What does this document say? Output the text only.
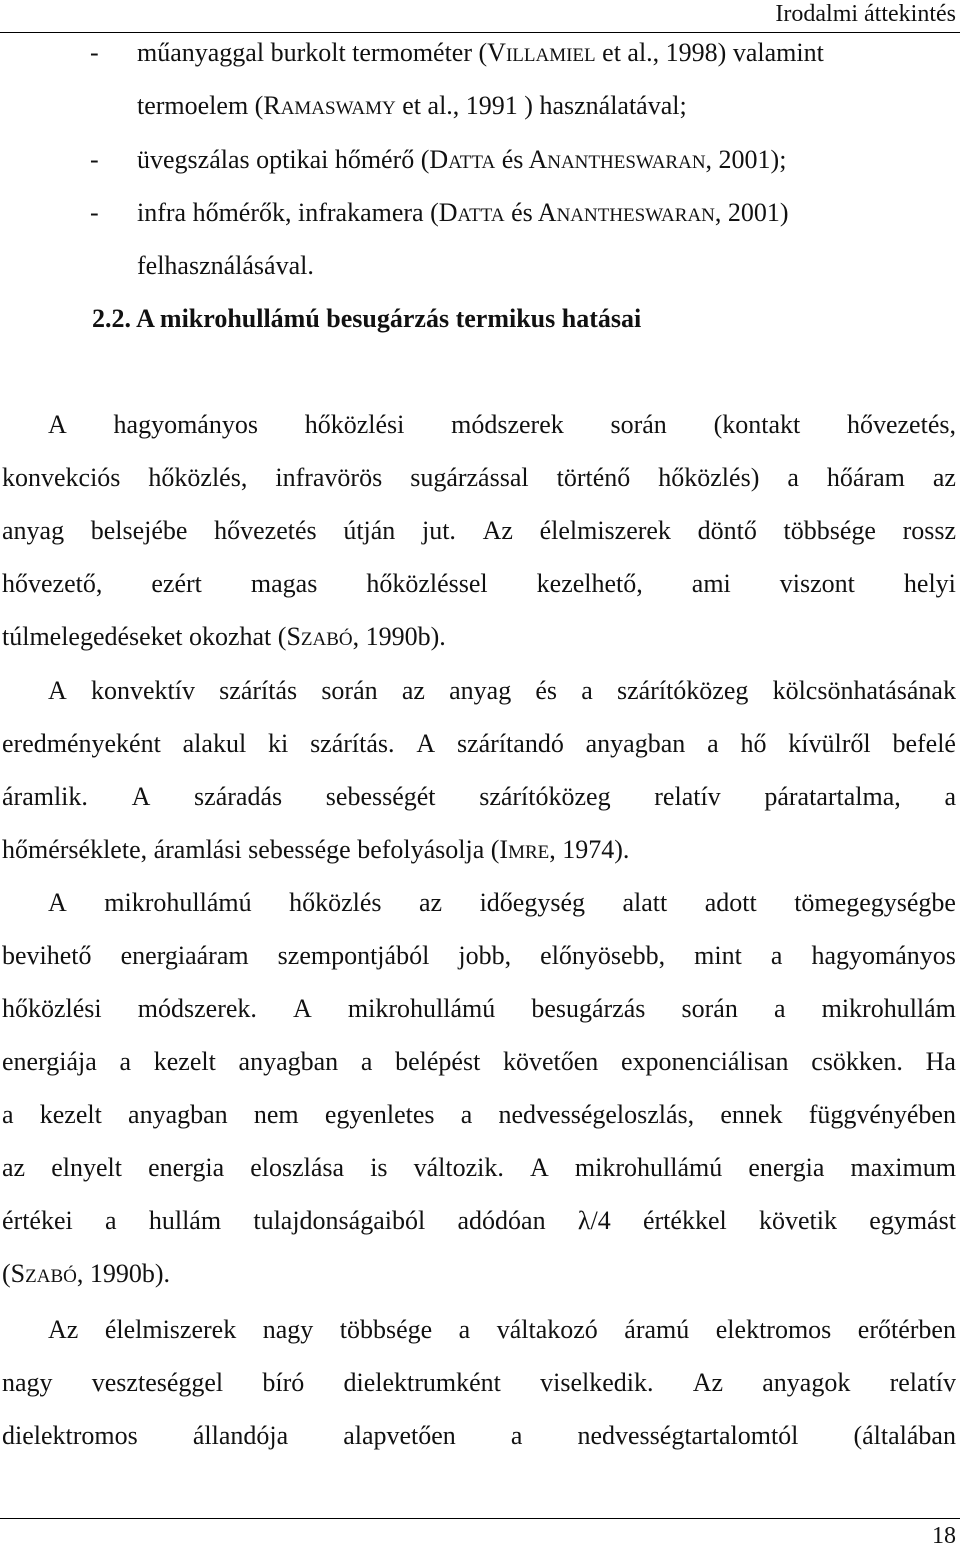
Irodalmi áttekintés
- műanyaggal burkolt termométer (VILLAMIEL et al., 1998) valamint
termoelem (RAMASWAMY et al., 1991 ) használatával;
- üvegszálas optikai hőmérő (DATTA és ANANTHESWARAN, 2001);
- infra hőmérők, infrakamera (DATTA és ANANTHESWARAN, 2001)
felhasználásával.
2.2. A mikrohullámú besugárzás termikus hatásai
A hagyományos hőközlési módszerek során (kontakt hővezetés,
konvekciós hőközlés, infravörös sugárzással történő hőközlés) a hőáram az
anyag belsejébe hővezetés útján jut. Az élelmiszerek döntő többsége rossz
hővezető, ezért magas hőközléssel kezelhető, ami viszont helyi
túlmelegedéseket okozhat (SZABÓ, 1990b).
A konvektív szárítás során az anyag és a szárítóközeg kölcsönhatásának
eredményeként alakul ki szárítás. A szárítandó anyagban a hő kívülről befelé
áramlik. A száradás sebességét szárítóközeg relatív páratartalma, a
hőmérséklete, áramlási sebessége befolyásolja (IMRE, 1974).
A mikrohullámú hőközlés az időegység alatt adott tömegegységbe
bevihető energiaáram szempontjából jobb, előnyösebb, mint a hagyományos
hőközlési módszerek. A mikrohullámú besugárzás során a mikrohullám
energiája a kezelt anyagban a belépést követően exponenciálisan csökken. Ha
a kezelt anyagban nem egyenletes a nedvességeloszlás, ennek függvényében
az elnyelt energia eloszlása is változik. A mikrohullámú energia maximum
értékei a hullám tulajdonságaiból adódóan λ/4 értékkel követik egymást
(SZABÓ, 1990b).
Az élelmiszerek nagy többsége a váltakozó áramú elektromos erőtérben
nagy veszteséggel bíró dielektrumként viselkedik. Az anyagok relatív
dielektromos állandója alapvetően a nedvességtartalomtól (általában
18
